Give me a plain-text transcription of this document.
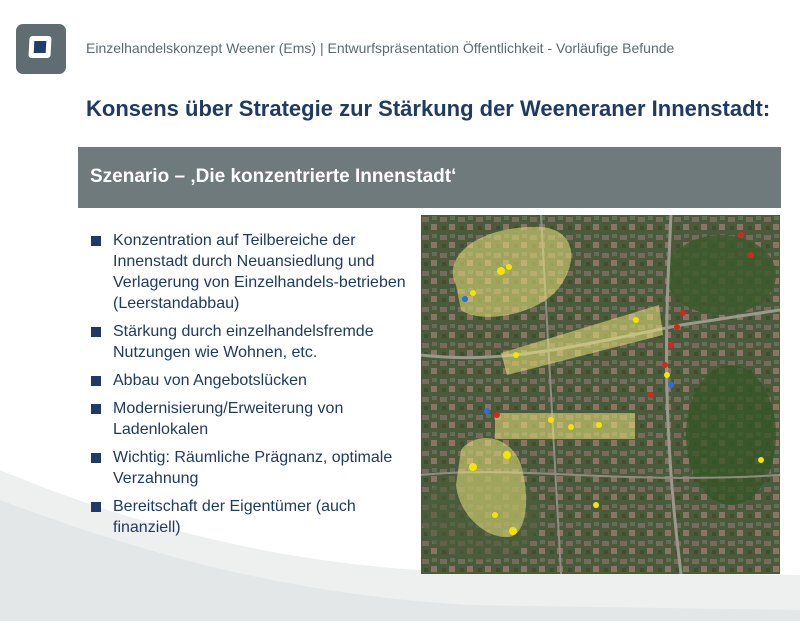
Einzelhandelskonzept Weener (Ems) | Entwurfspräsentation Öffentlichkeit - Vorläufige Befunde
Konsens über Strategie zur Stärkung der Weeneraner Innenstadt:
Szenario – ‚Die konzentrierte Innenstadt‘
Konzentration auf Teilbereiche der Innenstadt durch Neuansiedlung und Verlagerung von Einzelhandels-betrieben (Leerstandabbau)
Stärkung durch einzelhandelsfremde Nutzungen wie Wohnen, etc.
Abbau von Angebotslücken
Modernisierung/Erweiterung von Ladenlokalen
Wichtig: Räumliche Prägnanz, optimale Verzahnung
Bereitschaft der Eigentümer (auch finanziell)
